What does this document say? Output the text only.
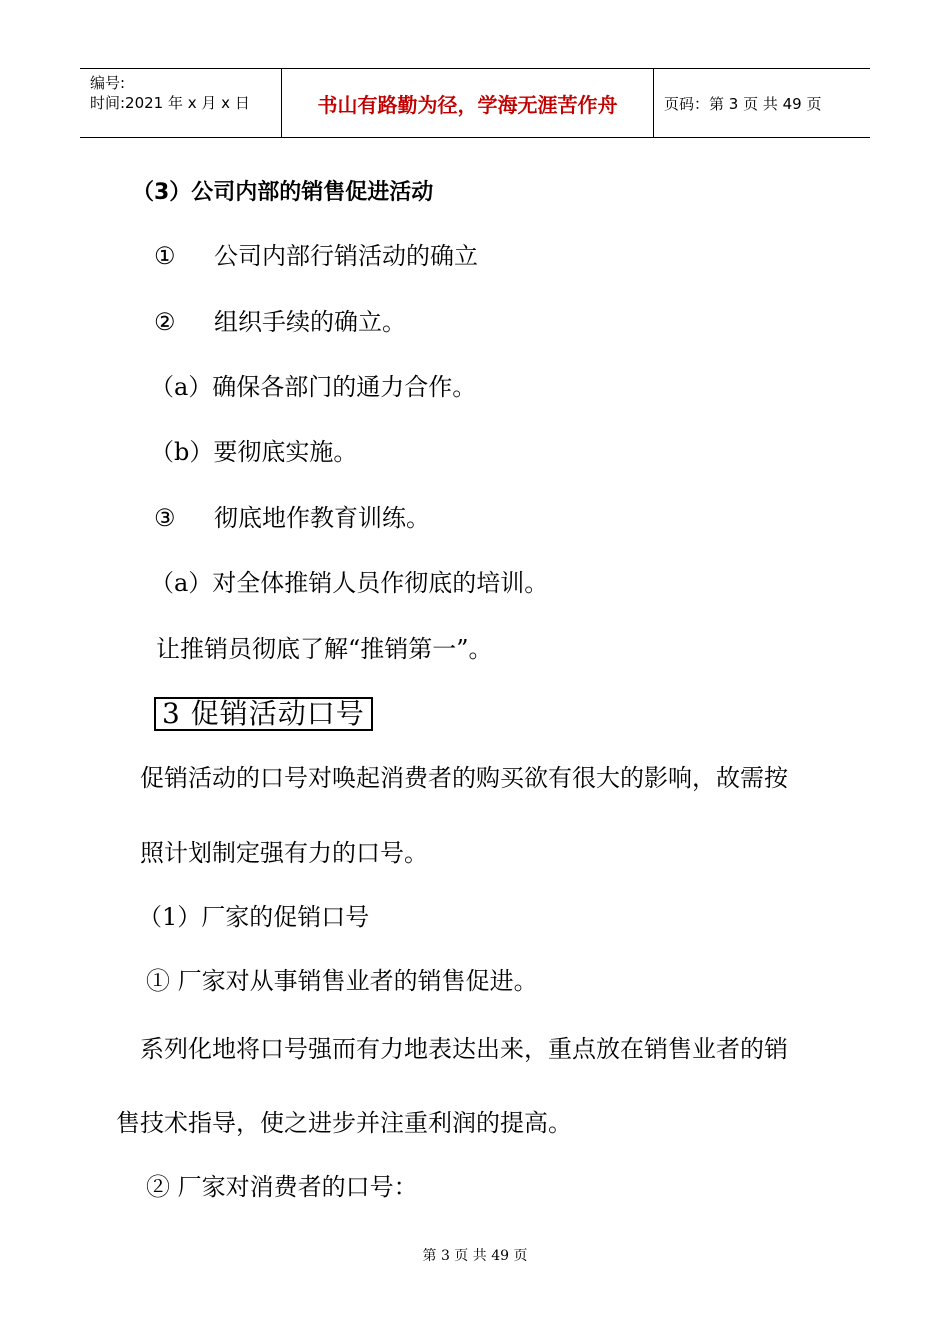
编号:
时间:2021 年 x 月 x 日	书山有路勤为径，学海无涯苦作舟	页码：第 3 页 共 49 页
（3）公司内部的销售促进活动
① 公司内部行销活动的确立
② 组织手续的确立。
（a）确保各部门的通力合作。
（b）要彻底实施。
③ 彻底地作教育训练。
（a）对全体推销人员作彻底的培训。
让推销员彻底了解“推销第一”。
3 促销活动口号
促销活动的口号对唤起消费者的购买欲有很大的影响，故需按
照计划制定强有力的口号。
（1）厂家的促销口号
① 厂家对从事销售业者的销售促进。
系列化地将口号强而有力地表达出来，重点放在销售业者的销
售技术指导，使之进步并注重利润的提高。
② 厂家对消费者的口号：
第 3 页 共 49 页
